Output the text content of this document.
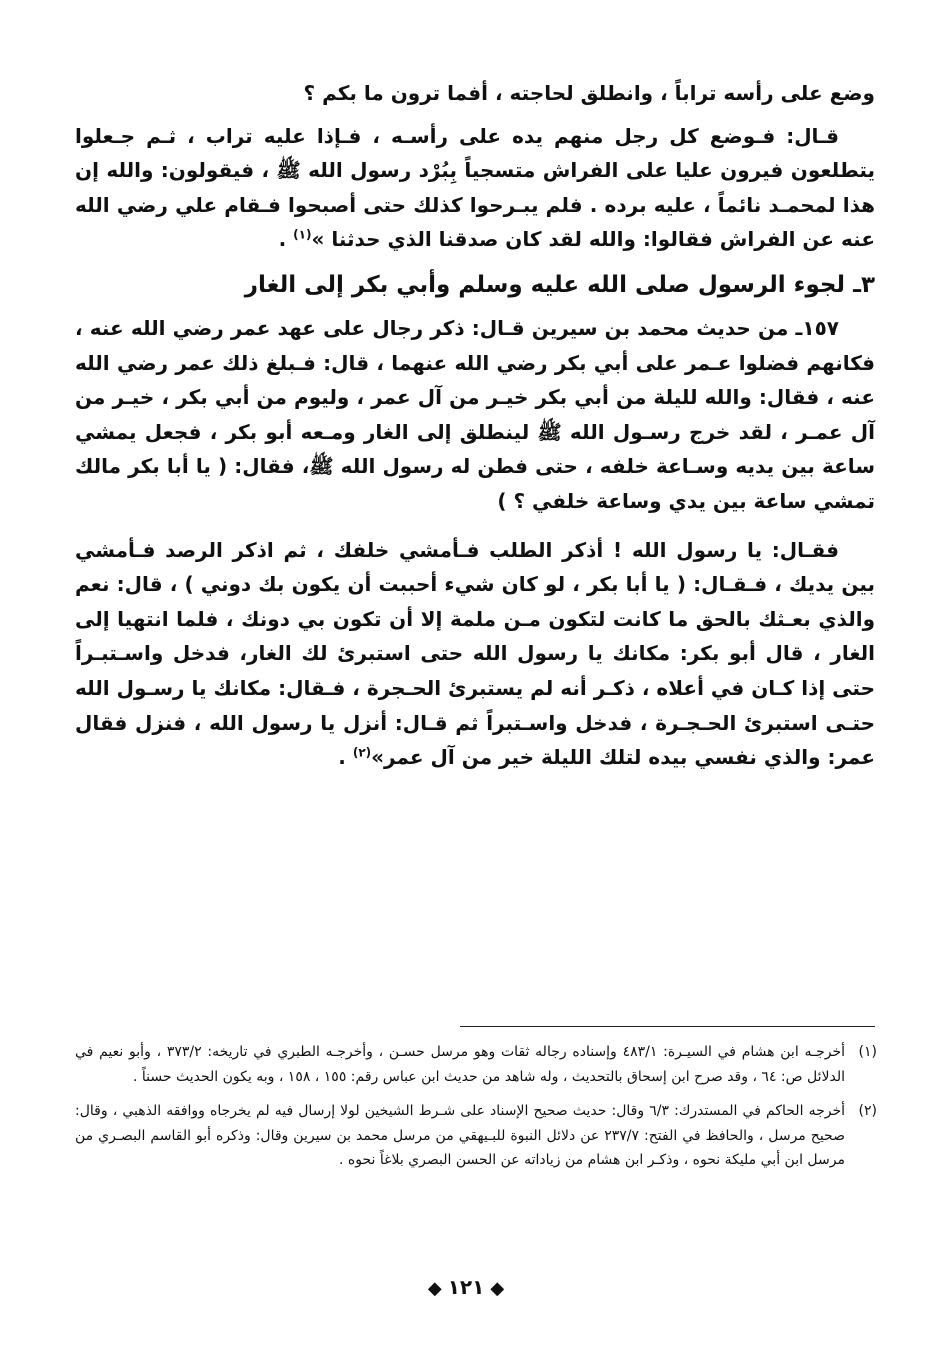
وضع على رأسه تراباً ، وانطلق لحاجته ، أفما ترون ما بكم ؟

قـال: فـوضع كل رجل منهم يده على رأسـه ، فـإذا عليه تراب ، ثـم جـعلوا يتطلعون فيرون عليا على الفراش متسجياً بِبُرْد رسول الله ﷺ ، فيقولون: والله إن هذا لمحمـد نائماً ، عليه برده . فلم يبـرحوا كذلك حتى أصبحوا فـقام علي رضي الله عنه عن الفراش فقالوا: والله لقد كان صدقنا الذي حدثنا »$^{(١)}$ .

٣ـ لجوء الرسول صلى الله عليه وسلم وأبي بكر إلى الغار

١٥٧ـ من حديث محمد بن سيرين قـال: ذكر رجال على عهد عمر رضي الله عنه ، فكانهم فضلوا عـمر على أبي بكر رضي الله عنهما ، قال: فـبلغ ذلك عمر رضي الله عنه ، فقال: والله لليلة من أبي بكر خيـر من آل عمر ، وليوم من أبي بكر ، خيـر من آل عمـر ، لقد خرج رسـول الله ﷺ لينطلق إلى الغار ومـعه أبو بكر ، فجعل يمشي ساعة بين يديه وسـاعة خلفه ، حتى فطن له رسول الله ﷺ، فقال: ( يا أبا بكر مالك تمشي ساعة بين يدي وساعة خلفي ؟ )

فقـال: يا رسول الله ! أذكر الطلب فـأمشي خلفك ، ثم اذكر الرصد فـأمشي بين يديك ، فـقـال: ( يا أبا بكر ، لو كان شيء أحببت أن يكون بك دوني ) ، قال: نعم والذي بعـثك بالحق ما كانت لتكون مـن ملمة إلا أن تكون بي دونك ، فلما انتهيا إلى الغار ، قال أبو بكر: مكانك يا رسول الله حتى استبرئ لك الغار، فدخل واسـتبـراً حتى إذا كـان في أعلاه ، ذكـر أنه لم يستبرئ الحـجرة ، فـقال: مكانك يا رسـول الله حتـى استبرئ الحـجـرة ، فدخل واسـتبراً ثم قـال: أنزل يا رسول الله ، فنزل فقال عمر: والذي نفسي بيده لتلك الليلة خير من آل عمر»$^{(٢)}$ .

(١)
أخرجـه ابن هشام في السيـرة: ٤٨٣/١ وإسناده رجاله ثقات وهو مرسل حسـن ، وأخرجـه الطبري في تاريخه: ٣٧٣/٢ ، وأبو نعيم في الدلائل ص: ٦٤ ، وقد صرح ابن إسحاق بالتحديث ، وله شاهد من حديث ابن عباس رقم: ١٥٥ ، ١٥٨ ، وبه يكون الحديث حسناً .
(٢)
أخرجه الحاكم في المستدرك: ٦/٣ وقال: حديث صحيح الإسناد على شـرط الشيخين لولا إرسال فيه لم يخرجاه ووافقه الذهبي ، وقال: صحيح مرسل ، والحافظ في الفتح: ٢٣٧/٧ عن دلائل النبوة للبـيهقي من مرسل محمد بن سيرين وقال: وذكره أبو القاسم البصـري من مرسل ابن أبي مليكة نحوه ، وذكـر ابن هشام من زياداته عن الحسن البصري بلاغاً نحوه .
◆١٢١◆
